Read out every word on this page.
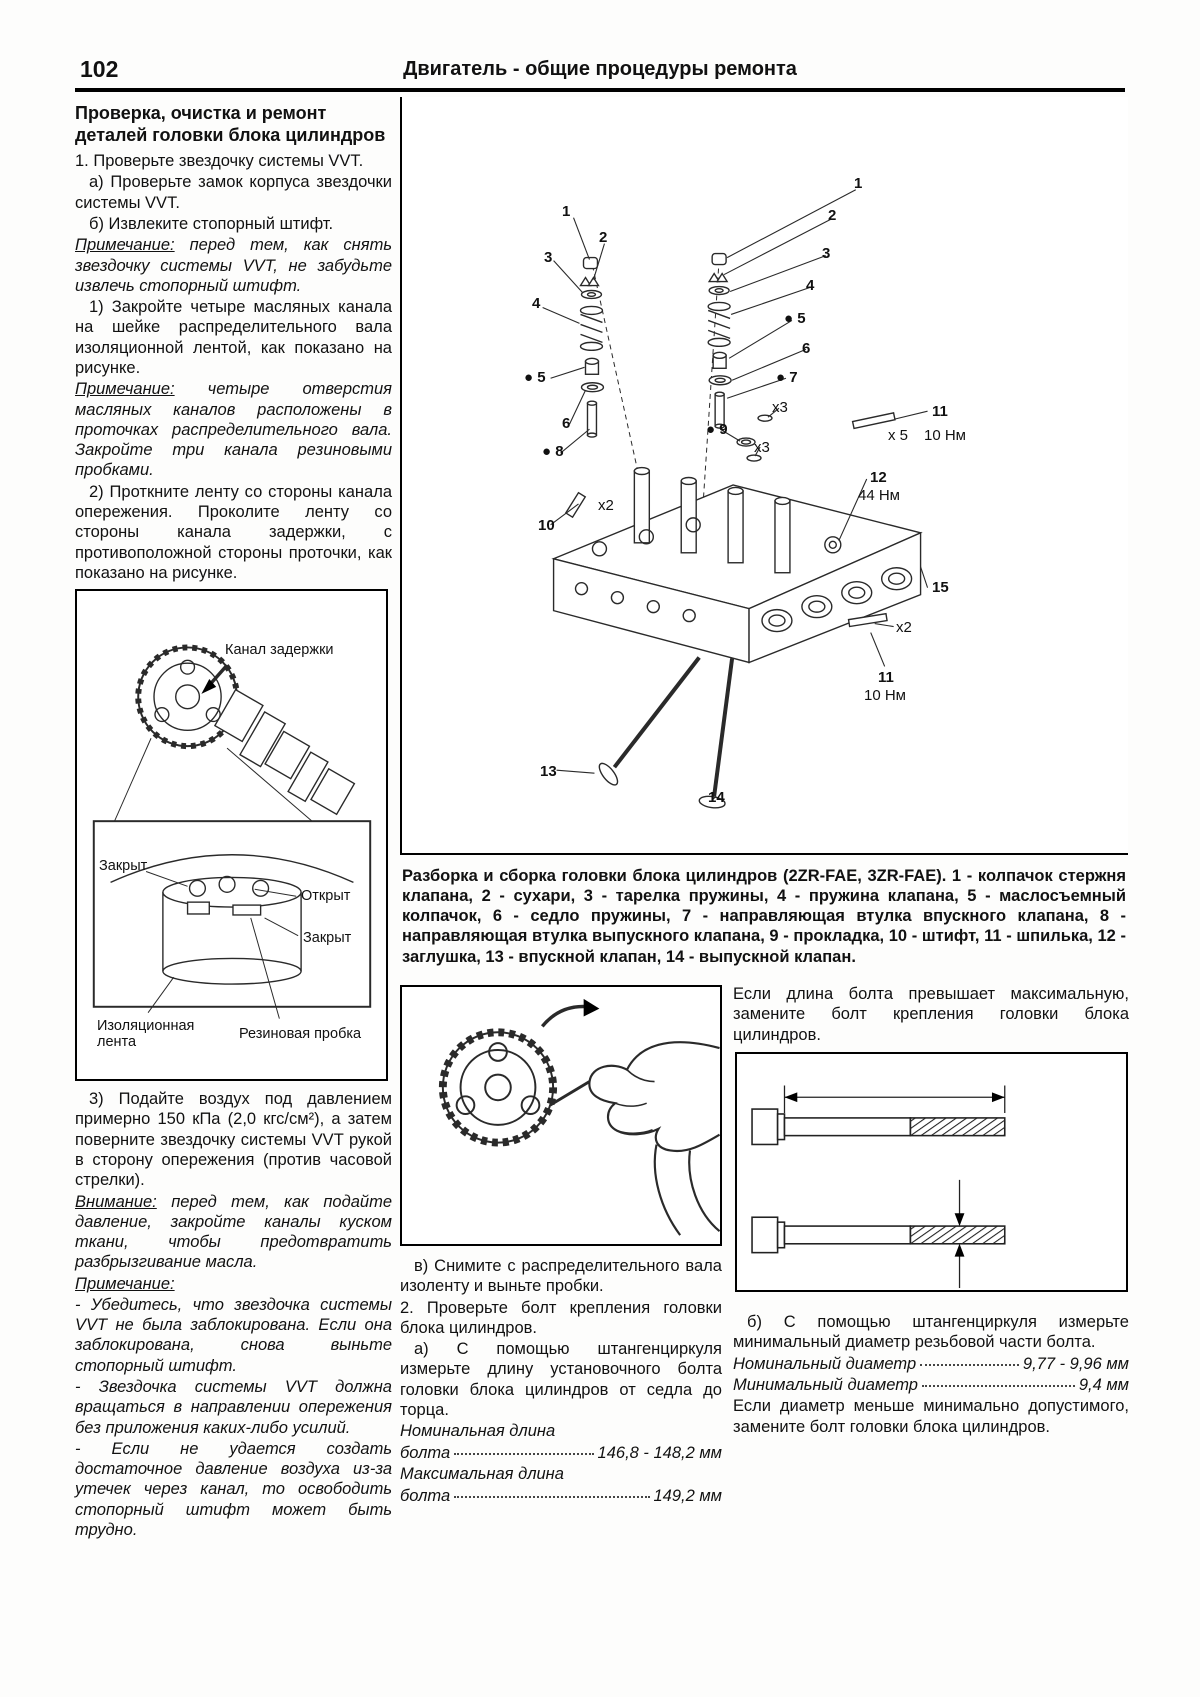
102	Двигатель - общие процедуры ремонта
Проверка, очистка и ремонт деталей головки блока цилиндров

1. Проверьте звездочку системы VVT.

а) Проверьте замок корпуса звездочки системы VVT.

б) Извлеките стопорный штифт.

Примечание: перед тем, как снять звездочку системы VVT, не забудьте извлечь стопорный штифт.

1) Закройте четыре масляных канала на шейке распределительного вала изоляционной лентой, как показано на рисунке.

Примечание: четыре отверстия масляных каналов расположены в проточках распределительного вала. Закройте три канала резиновыми пробками.

2) Проткните ленту со стороны канала опережения. Проколите ленту со стороны канала задержки, с противоположной стороны проточки, как показано на рисунке.

Канал задержки
Закрыт
Открыт
Закрыт
Изоляционная лента	Резиновая пробка

3) Подайте воздух под давлением примерно 150 кПа (2,0 кгс/см²), а затем поверните звездочку системы VVT рукой в сторону опережения (против часовой стрелки).

Внимание: перед тем, как подайте давление, закройте каналы куском ткани, чтобы предотвратить разбрызгивание масла.

Примечание:

- Убедитесь, что звездочка системы VVT не была заблокирована. Если она заблокирована, снова выньте стопорный штифт.

- Звездочка системы VVT должна вращаться в направлении опережения без приложения каких-либо усилий.

- Если не удается создать достаточное давление воздуха из-за утечек через канал, то освободить стопорный штифт может быть трудно.

1
2
3
4
● 5
6
● 8
x2
10
13
1
2
3
4
● 5
6
● 7
x3
● 9
x3
11
x 5 10 Нм
12
44 Нм
15
x2
11
10 Нм
14
Разборка и сборка головки блока цилиндров (2ZR-FAE, 3ZR-FAE). 1 - колпачок стержня клапана, 2 - сухари, 3 - тарелка пружины, 4 - пружина клапана, 5 - маслосъемный колпачок, 6 - седло пружины, 7 - направляющая втулка впускного клапана, 8 - направляющая втулка выпускного клапана, 9 - прокладка, 10 - штифт, 11 - шпилька, 12 - заглушка, 13 - впускной клапан, 14 - выпускной клапан.

Если длина болта превышает максимальную, замените болт крепления головки блока цилиндров.

в) Снимите с распределительного вала изоленту и выньте пробки.

2. Проверьте болт крепления головки блока цилиндров.

а) С помощью штангенциркуля измерьте длину установочного болта головки блока цилиндров от седла до торца.

Номинальная длина
болта	146,8 - 148,2 мм
Максимальная длина
болта	149,2 мм

б) С помощью штангенциркуля измерьте минимальный диаметр резьбовой части болта.

Номинальный диаметр	9,77 - 9,96 мм
Минимальный диаметр	9,4 мм

Если диаметр меньше минимально допустимого, замените болт головки блока цилиндров.
